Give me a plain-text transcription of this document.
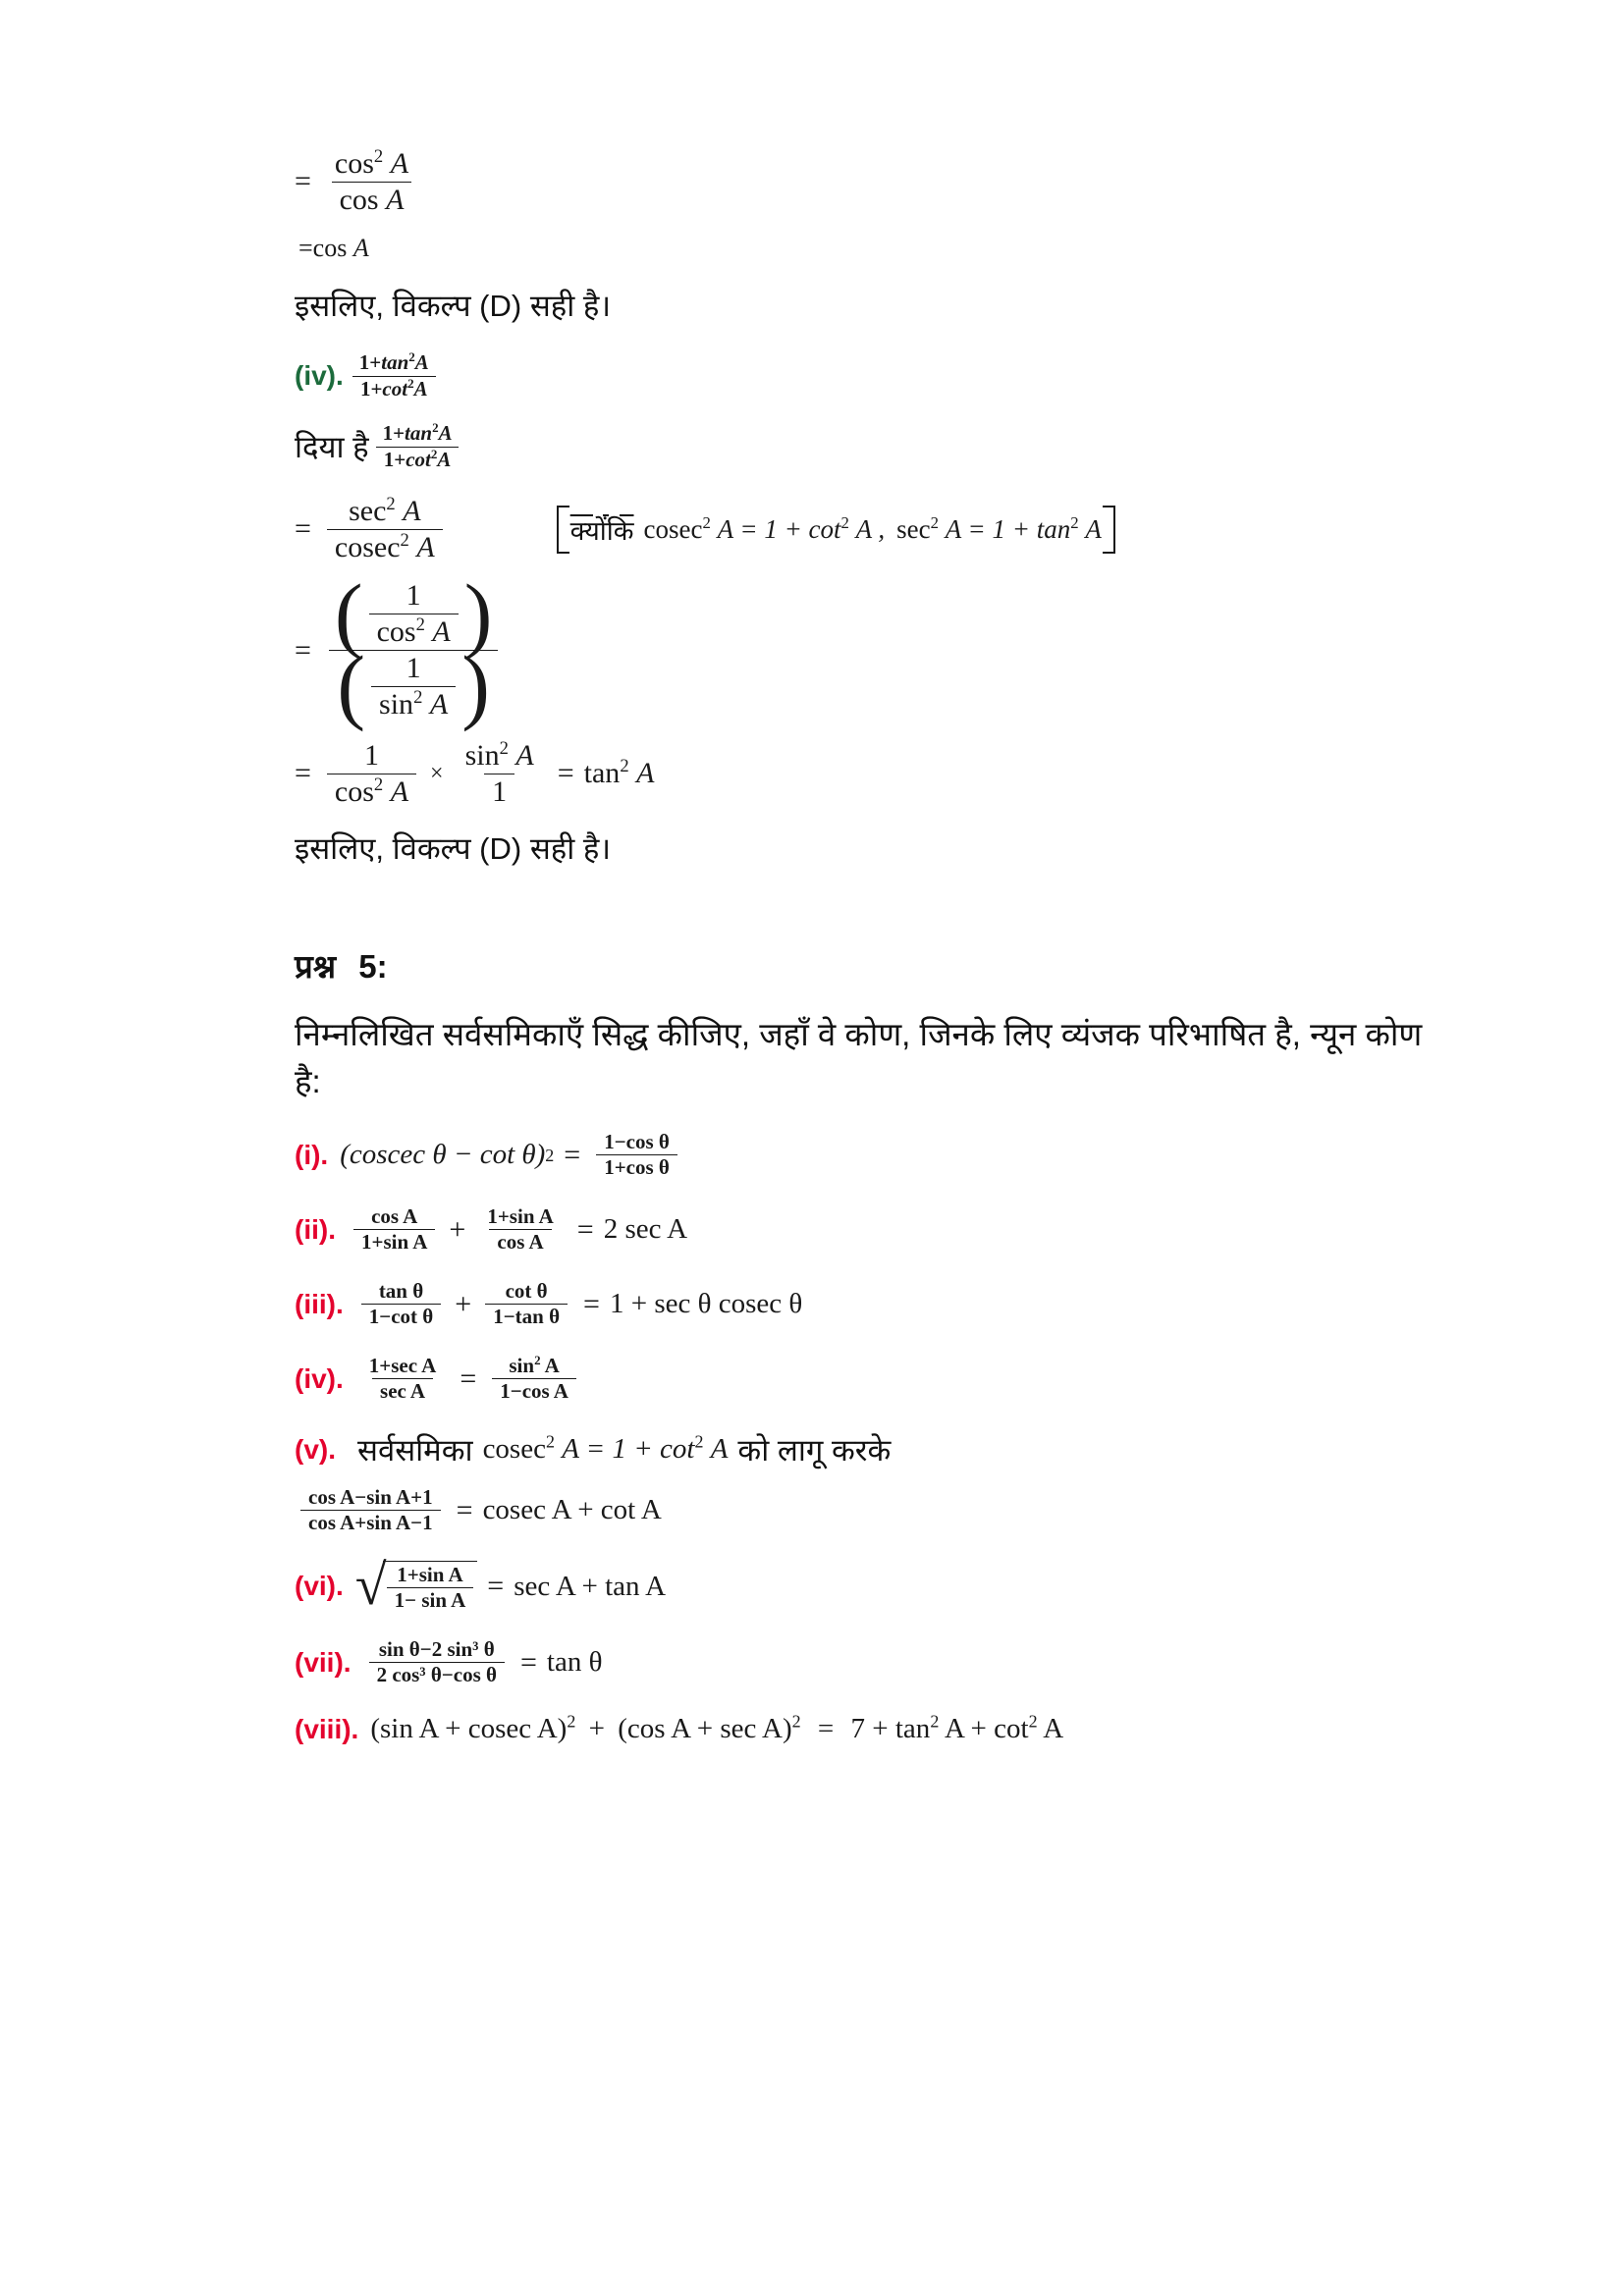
= $\frac{\cos^2 A}{\text{cos A}}$
=cos A
इसलिए, विकल्प (D) सही है।
(iv). $\frac{1+\tan^2A}{1+\cot^2A}$
दिया है $\frac{1+\tan^2A}{1+\cot^2A}$
= $\frac{\sec^2 A}{cosec^2 A}$	क्योंकि cosec$^2$ $A = 1 + \cot^2 A$ , $\sec^2 A = 1 + \tan^2 A$
= ( $\frac{1}{\cos^2 A}$ )
( $\frac{1}{\sin^2 A}$ )
= $\frac{1}{\cos^2 A} \times \frac{\sin^2 A}{1} = \tan^2 A$
इसलिए, विकल्प (D) सही है।
प्रश्न 5:
निम्नलिखित सर्वसमिकाएँ सिद्ध कीजिए, जहाँ वे कोण, जिनके लिए व्यंजक परिभाषित है, न्यून कोण
है:
(i). (coscec θ − cot θ) $2 = \frac{\text{1−cos θ}}{\text{1+cos θ}}$
(ii). $\frac{\text{cos A}}{\text{1+sin A}} + \frac{\text{1+sin A}}{\text{cos A}} = 2$ sec A
(iii). $\frac{\text{tan θ}}{\text{1−cot θ}} + \frac{\text{cot θ}}{\text{1−tan θ}} = 1 + \sec \theta$ cosec θ
(iv). $\frac{\text{1+sec A}}{\text{sec A}} = \frac{\sin^2 A}{\text{1−cos A}}$
(v). सर्वसमिका cosec$^2$ $A = 1 + \cot^2 A$ को लागू करके
$\frac{\text{cos A−sin A+1}}{\text{cos A+sin A−1}} = cosec$ A + cot A
(vi). √ $\frac{\text{1+sin A}}{\text{1− sin A}} = \sec A + \tan A$
(vii). $\frac{\text{sin θ−2 sin³ θ}}{\text{2 cos³ θ−cos θ}} = \tan \theta$
(viii). (sin A + cosec A)$^2$ + (cos $A + \sec A)^2 = 7 + \tan^2 A + \cot^2 A$
